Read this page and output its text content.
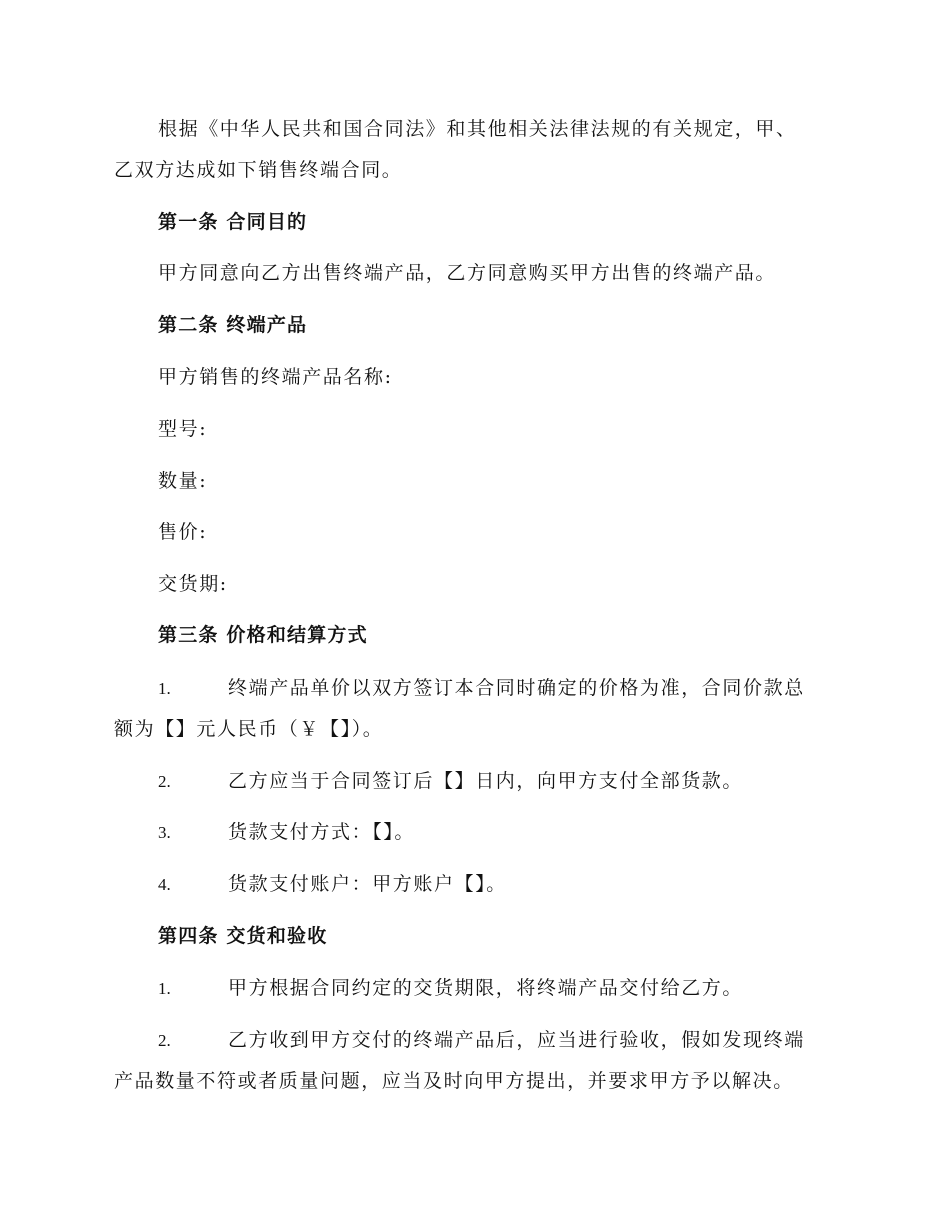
根据《中华人民共和国合同法》和其他相关法律法规的有关规定，甲、
乙双方达成如下销售终端合同。
第一条 合同目的
甲方同意向乙方出售终端产品，乙方同意购买甲方出售的终端产品。
第二条 终端产品
甲方销售的终端产品名称:
型号:
数量:
售价:
交货期:
第三条 价格和结算方式
1.	终端产品单价以双方签订本合同时确定的价格为准，合同价款总
额为【】元人民币（￥【】）。
2.	乙方应当于合同签订后【】日内，向甲方支付全部货款。
3.	货款支付方式：【】。
4.	货款支付账户：甲方账户【】。
第四条 交货和验收
1.	甲方根据合同约定的交货期限，将终端产品交付给乙方。
2.	乙方收到甲方交付的终端产品后，应当进行验收，假如发现终端
产品数量不符或者质量问题，应当及时向甲方提出，并要求甲方予以解决。
